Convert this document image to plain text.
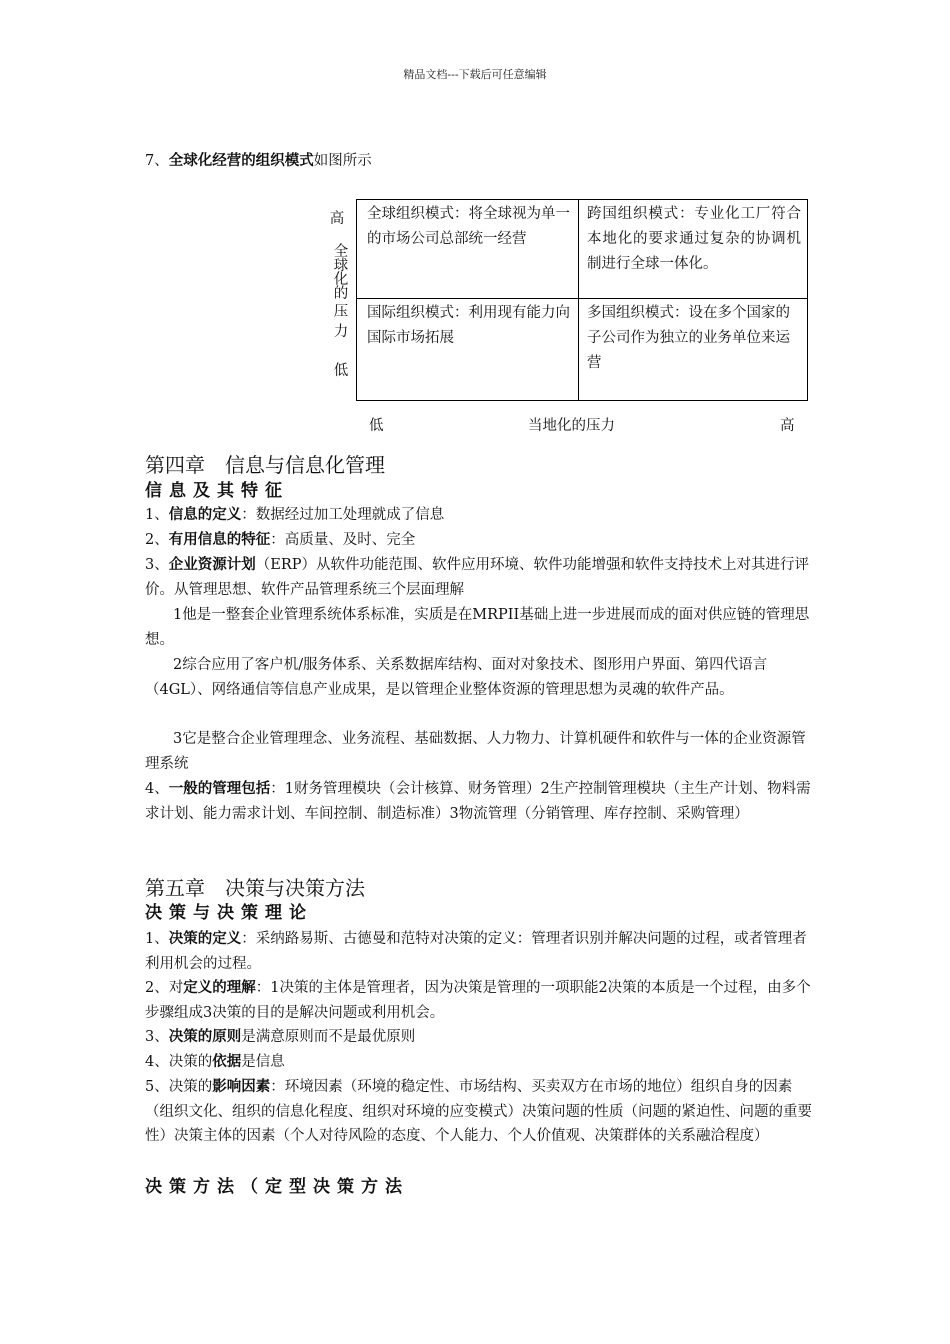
精品文档---下载后可任意编辑
7、全球化经营的组织模式如图所示
高
全
球
化
的
压
力
低
全球组织模式：将全球视为单一的市场公司总部统一经营
跨国组织模式：专业化工厂符合本地化的要求通过复杂的协调机制进行全球一体化。
国际组织模式：利用现有能力向国际市场拓展
多国组织模式：设在多个国家的子公司作为独立的业务单位来运营
低	当地化的压力	高
第四章　信息与信息化管理
信息及其特征
1、信息的定义：数据经过加工处理就成了信息
2、有用信息的特征：高质量、及时、完全
3、企业资源计划（ERP）从软件功能范围、软件应用环境、软件功能增强和软件支持技术上对其进行评价。从管理思想、软件产品管理系统三个层面理解
1他是一整套企业管理系统体系标准，实质是在MRPII基础上进一步进展而成的面对供应链的管理思想。
2综合应用了客户机/服务体系、关系数据库结构、面对对象技术、图形用户界面、第四代语言（4GL）、网络通信等信息产业成果，是以管理企业整体资源的管理思想为灵魂的软件产品。
3它是整合企业管理理念、业务流程、基础数据、人力物力、计算机硬件和软件与一体的企业资源管理系统
4、一般的管理包括：1财务管理模块（会计核算、财务管理）2生产控制管理模块（主生产计划、物料需求计划、能力需求计划、车间控制、制造标准）3物流管理（分销管理、库存控制、采购管理）
第五章　决策与决策方法
决策与决策理论
1、决策的定义：采纳路易斯、古德曼和范特对决策的定义：管理者识别并解决问题的过程，或者管理者利用机会的过程。
2、对定义的理解：1决策的主体是管理者，因为决策是管理的一项职能2决策的本质是一个过程，由多个步骤组成3决策的目的是解决问题或利用机会。
3、决策的原则是满意原则而不是最优原则
4、决策的依据是信息
5、决策的影响因素：环境因素（环境的稳定性、市场结构、买卖双方在市场的地位）组织自身的因素（组织文化、组织的信息化程度、组织对环境的应变模式）决策问题的性质（问题的紧迫性、问题的重要性）决策主体的因素（个人对待风险的态度、个人能力、个人价值观、决策群体的关系融洽程度）
决策方法（定型决策方法
